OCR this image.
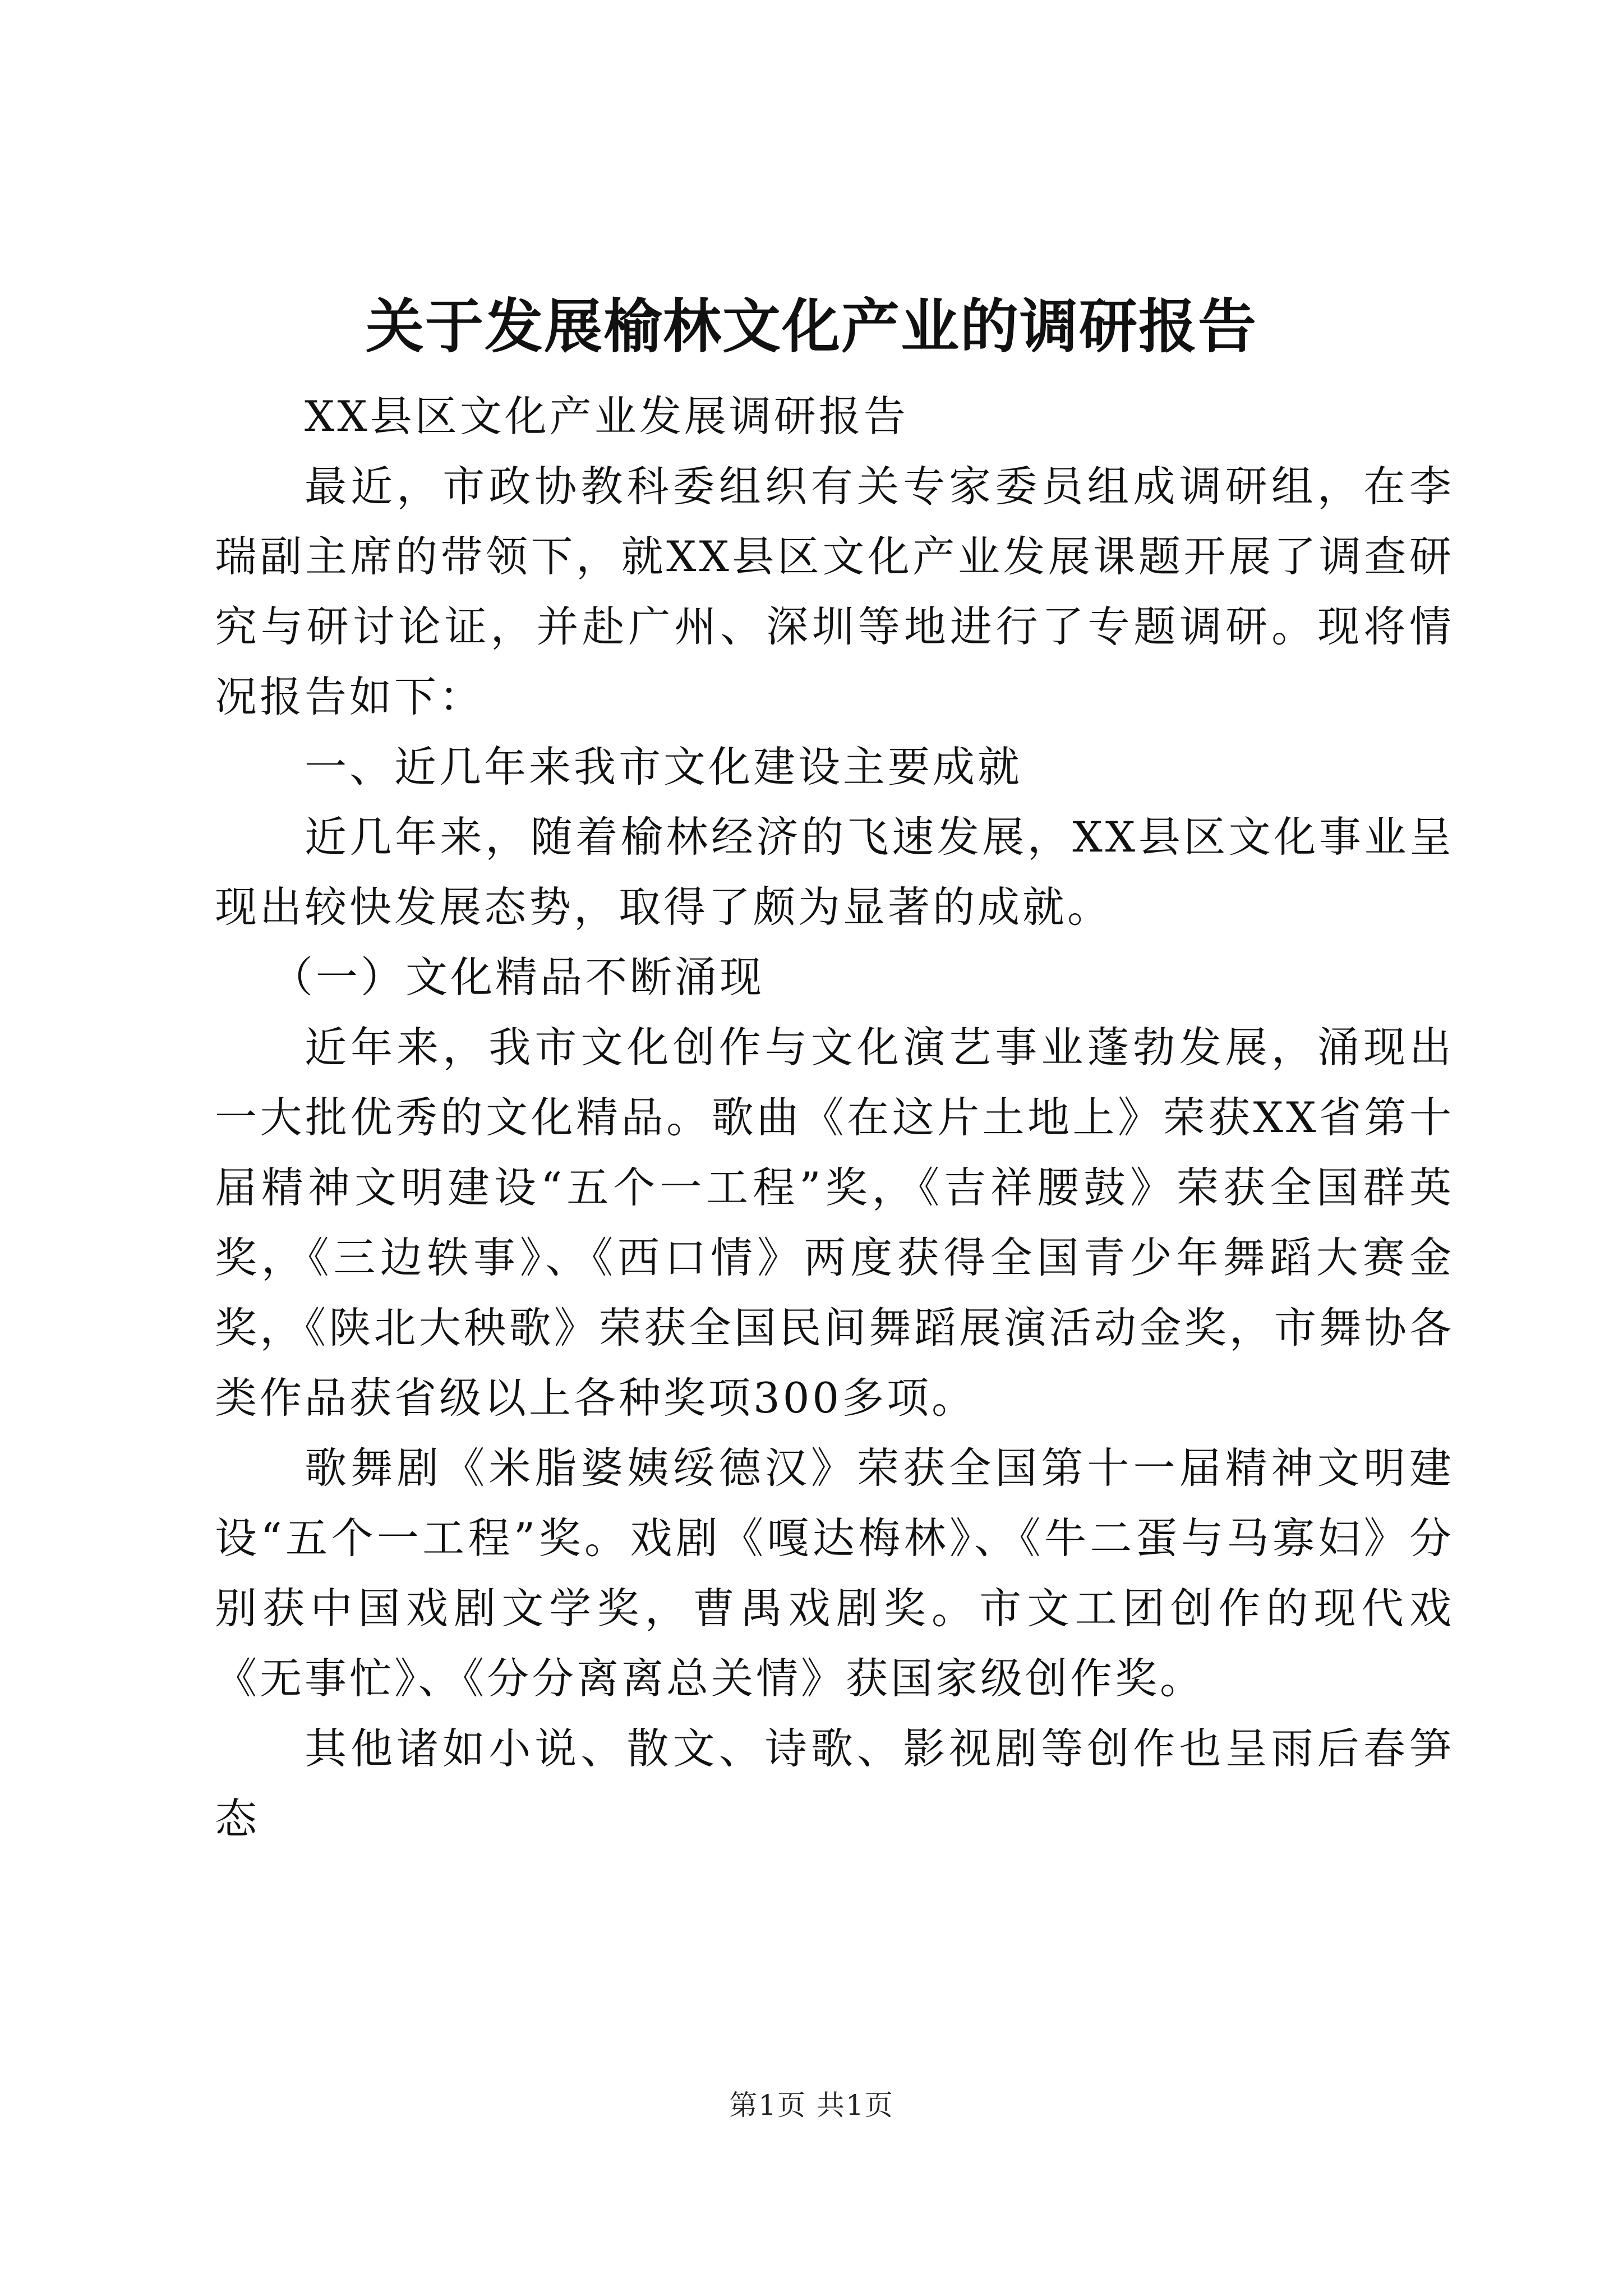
关于发展榆林文化产业的调研报告

XX县区文化产业发展调研报告

最近，市政协教科委组织有关专家委员组成调研组，在李瑞副主席的带领下，就XX县区文化产业发展课题开展了调查研究与研讨论证，并赴广州、深圳等地进行了专题调研。现将情况报告如下：

一、近几年来我市文化建设主要成就

近几年来，随着榆林经济的飞速发展，XX县区文化事业呈现出较快发展态势，取得了颇为显著的成就。

（一）文化精品不断涌现

近年来，我市文化创作与文化演艺事业蓬勃发展，涌现出一大批优秀的文化精品。歌曲《在这片土地上》荣获XX省第十届精神文明建设“五个一工程”奖，《吉祥腰鼓》荣获全国群英奖，《三边轶事》、《西口情》两度获得全国青少年舞蹈大赛金奖，《陕北大秧歌》荣获全国民间舞蹈展演活动金奖，市舞协各类作品获省级以上各种奖项300多项。

歌舞剧《米脂婆姨绥德汉》荣获全国第十一届精神文明建设“五个一工程”奖。戏剧《嘎达梅林》、《牛二蛋与马寡妇》分别获中国戏剧文学奖，曹禺戏剧奖。市文工团创作的现代戏《无事忙》、《分分离离总关情》获国家级创作奖。

其他诸如小说、散文、诗歌、影视剧等创作也呈雨后春笋态

第1页 共1页
